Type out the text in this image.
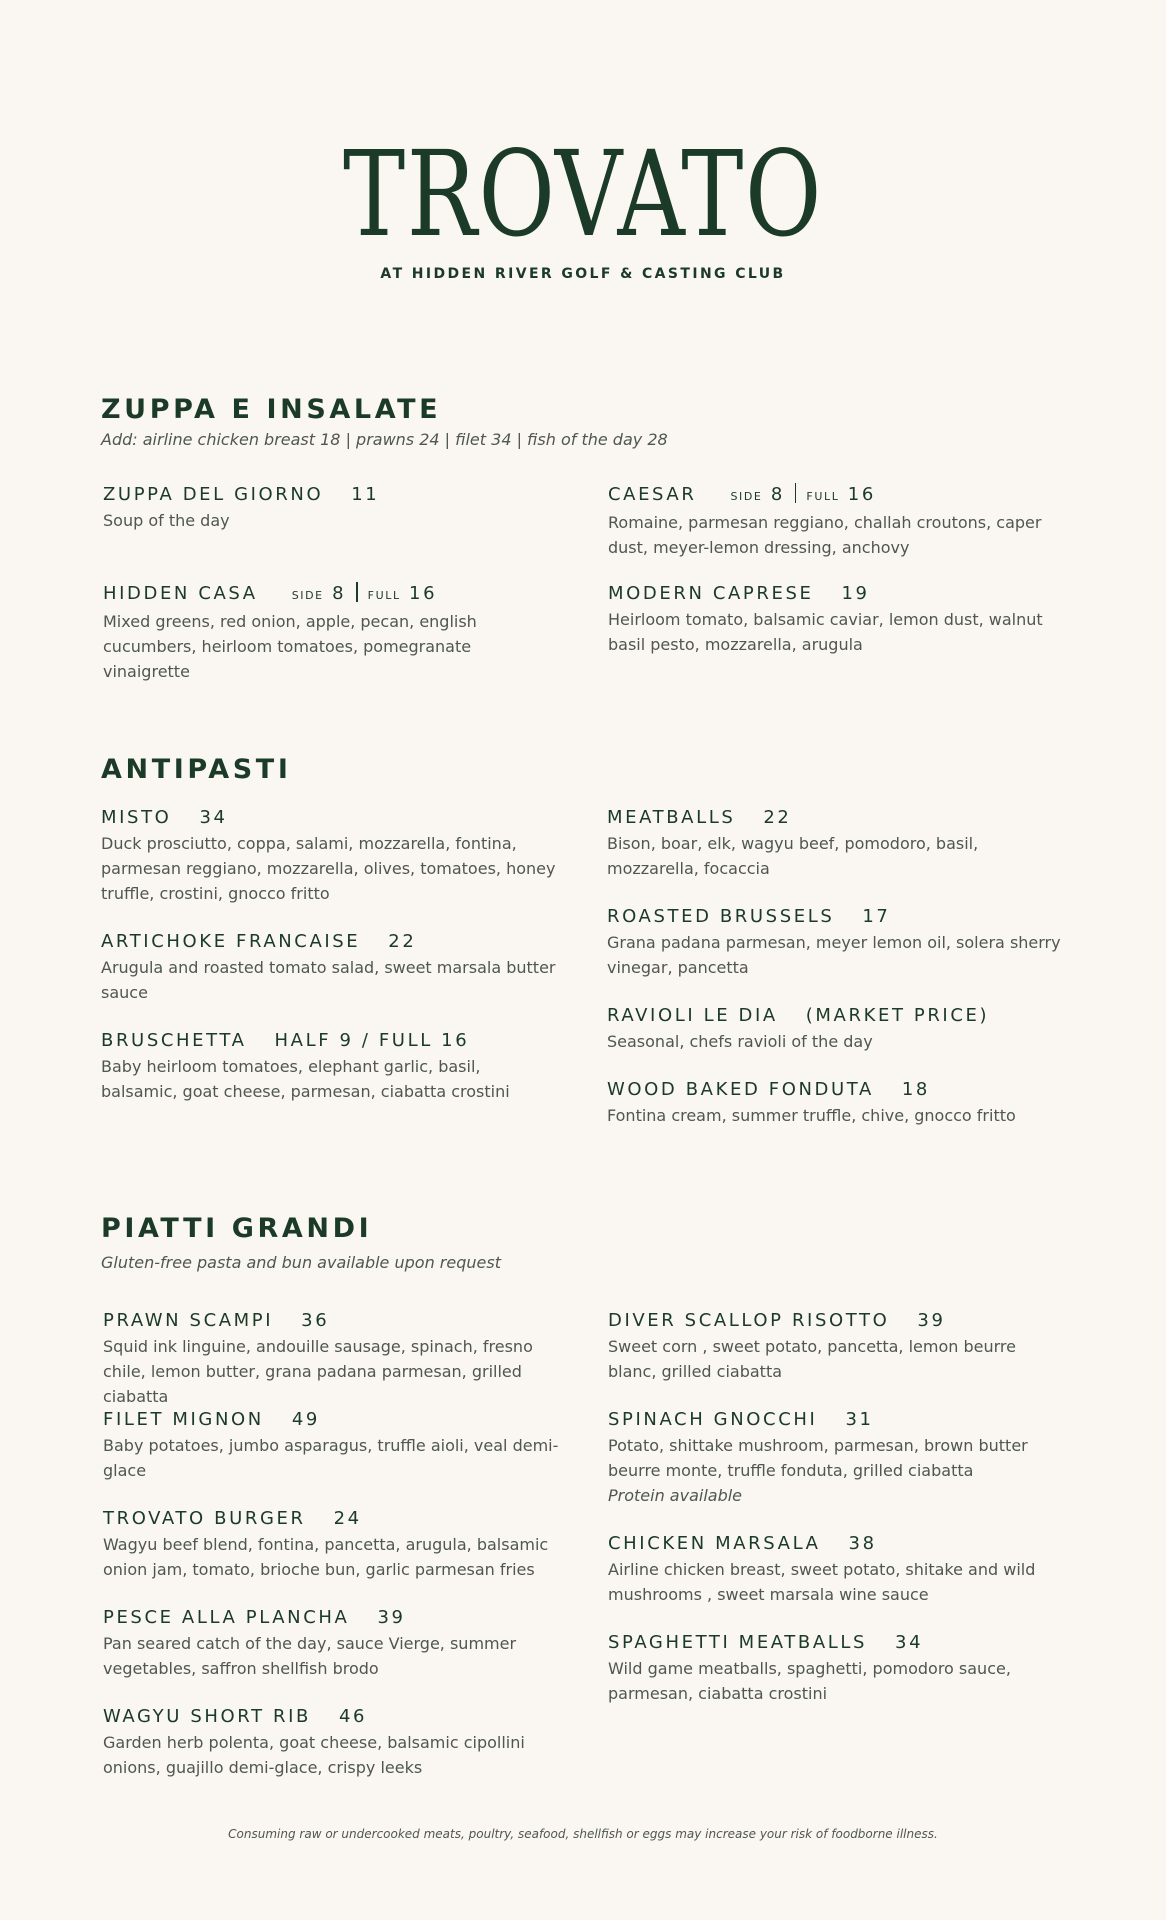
TROVATO
AT HIDDEN RIVER GOLF & CASTING CLUB
ZUPPA E INSALATE
Add: airline chicken breast 18 | prawns 24 | filet 34 | fish of the day 28
ZUPPA DEL GIORNO 11
Soup of the day
CAESAR	SIDE 8 FULL 16
Romaine, parmesan reggiano, challah croutons, caper dust, meyer-lemon dressing, anchovy
HIDDEN CASA	SIDE 8 FULL 16
Mixed greens, red onion, apple, pecan, english cucumbers, heirloom tomatoes, pomegranate vinaigrette
MODERN CAPRESE 19
Heirloom tomato, balsamic caviar, lemon dust, walnut basil pesto, mozzarella, arugula
ANTIPASTI
MISTO 34
Duck prosciutto, coppa, salami, mozzarella, fontina, parmesan reggiano, mozzarella, olives, tomatoes, honey truffle, crostini, gnocco fritto
ARTICHOKE FRANCAISE 22
Arugula and roasted tomato salad, sweet marsala butter sauce
BRUSCHETTA HALF 9 / FULL 16
Baby heirloom tomatoes, elephant garlic, basil, balsamic, goat cheese, parmesan, ciabatta crostini
MEATBALLS 22
Bison, boar, elk, wagyu beef, pomodoro, basil, mozzarella, focaccia
ROASTED BRUSSELS 17
Grana padana parmesan, meyer lemon oil, solera sherry vinegar, pancetta
RAVIOLI LE DIA (MARKET PRICE)
Seasonal, chefs ravioli of the day
WOOD BAKED FONDUTA 18
Fontina cream, summer truffle, chive, gnocco fritto
PIATTI GRANDI
Gluten-free pasta and bun available upon request
PRAWN SCAMPI 36
Squid ink linguine, andouille sausage, spinach, fresno chile, lemon butter, grana padana parmesan, grilled ciabatta
FILET MIGNON 49
Baby potatoes, jumbo asparagus, truffle aioli, veal demi-glace
TROVATO BURGER 24
Wagyu beef blend, fontina, pancetta, arugula, balsamic onion jam, tomato, brioche bun, garlic parmesan fries
PESCE ALLA PLANCHA 39
Pan seared catch of the day, sauce Vierge, summer vegetables, saffron shellfish brodo
WAGYU SHORT RIB 46
Garden herb polenta, goat cheese, balsamic cipollini onions, guajillo demi-glace, crispy leeks
DIVER SCALLOP RISOTTO 39
Sweet corn , sweet potato, pancetta, lemon beurre blanc, grilled ciabatta
SPINACH GNOCCHI 31
Potato, shittake mushroom, parmesan, brown butter beurre monte, truffle fonduta, grilled ciabatta
Protein available
CHICKEN MARSALA 38
Airline chicken breast, sweet potato, shitake and wild mushrooms , sweet marsala wine sauce
SPAGHETTI MEATBALLS 34
Wild game meatballs, spaghetti, pomodoro sauce, parmesan, ciabatta crostini
Consuming raw or undercooked meats, poultry, seafood, shellfish or eggs may increase your risk of foodborne illness.
